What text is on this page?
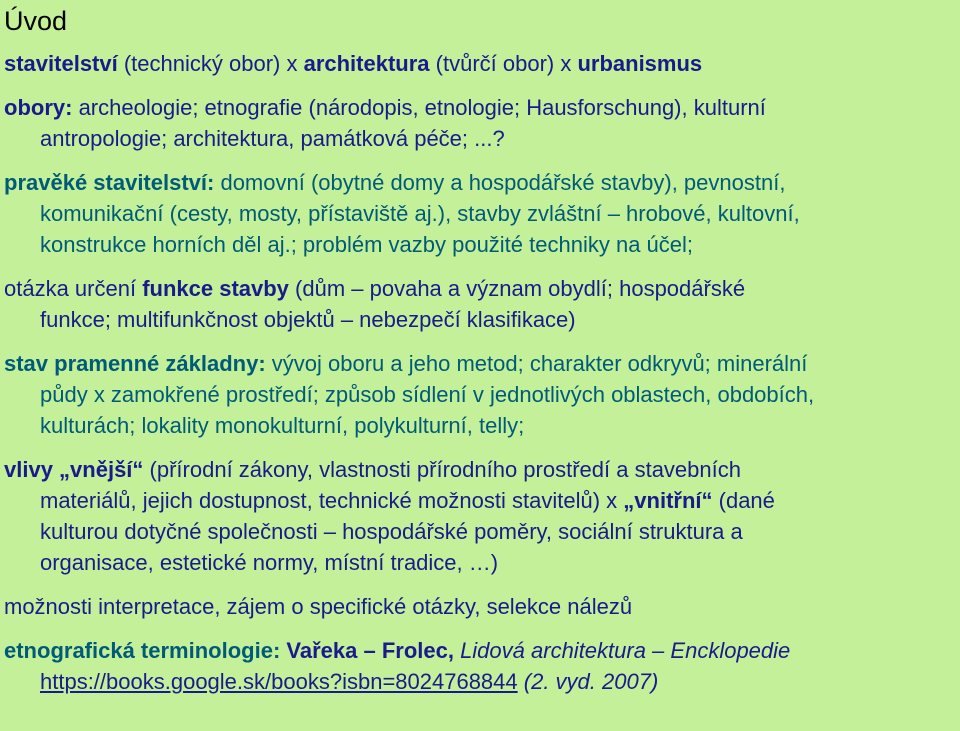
Úvod
stavitelství (technický obor) x architektura (tvůrčí obor) x urbanismus
obory: archeologie; etnografie (národopis, etnologie; Hausforschung), kulturní
antropologie; architektura, památková péče; ...?
pravěké stavitelství: domovní (obytné domy a hospodářské stavby), pevnostní,
komunikační (cesty, mosty, přístaviště aj.), stavby zvláštní – hrobové, kultovní,
konstrukce horních děl aj.; problém vazby použité techniky na účel;
otázka určení funkce stavby (dům – povaha a význam obydlí; hospodářské
funkce; multifunkčnost objektů – nebezpečí klasifikace)
stav pramenné základny: vývoj oboru a jeho metod; charakter odkryvů; minerální
půdy x zamokřené prostředí; způsob sídlení v jednotlivých oblastech, obdobích,
kulturách; lokality monokulturní, polykulturní, telly;
vlivy „vnější“ (přírodní zákony, vlastnosti přírodního prostředí a stavebních
materiálů, jejich dostupnost, technické možnosti stavitelů) x „vnitřní“ (dané
kulturou dotyčné společnosti – hospodářské poměry, sociální struktura a
organisace, estetické normy, místní tradice, …)
možnosti interpretace, zájem o specifické otázky, selekce nálezů
etnografická terminologie: Vařeka – Frolec, Lidová architektura – Encklopedie
https://books.google.sk/books?isbn=8024768844 (2. vyd. 2007)
